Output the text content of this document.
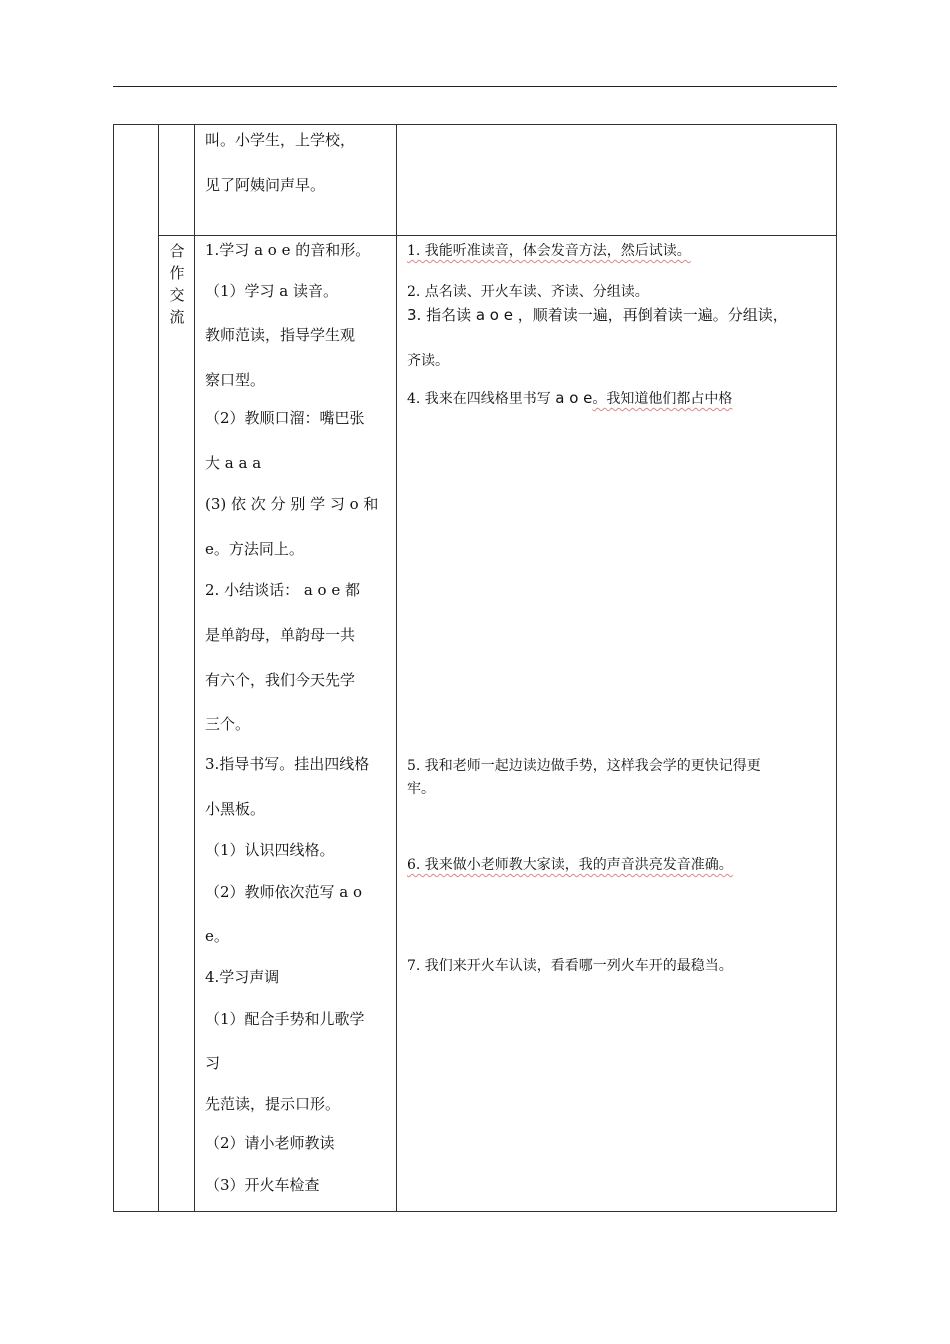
叫。小学生，上学校，

见了阿姨问声早。

合
作
交
流

1.学习 a o e 的音和形。

（1）学习 a 读音。

教师范读，指导学生观

察口型。

（2）教顺口溜：嘴巴张

大 a a a

(3) 依 次 分 别 学 习 o 和

e。方法同上。

2. 小结谈话： a o e 都

是单韵母，单韵母一共

有六个，我们今天先学

三个。

3.指导书写。挂出四线格

小黑板。

（1）认识四线格。

（2）教师依次范写 a o

e。

4.学习声调

（1）配合手势和儿歌学

习

先范读，提示口形。

（2）请小老师教读

（3）开火车检查

1. 我能听准读音，体会发音方法，然后试读。

2. 点名读、开火车读、齐读、分组读。

3. 指名读 a o e ，顺着读一遍，再倒着读一遍。分组读，

齐读。

4. 我来在四线格里书写 a o e。我知道他们都占中格

5. 我和老师一起边读边做手势，这样我会学的更快记得更

牢。

6. 我来做小老师教大家读，我的声音洪亮发音准确。

7. 我们来开火车认读，看看哪一列火车开的最稳当。
